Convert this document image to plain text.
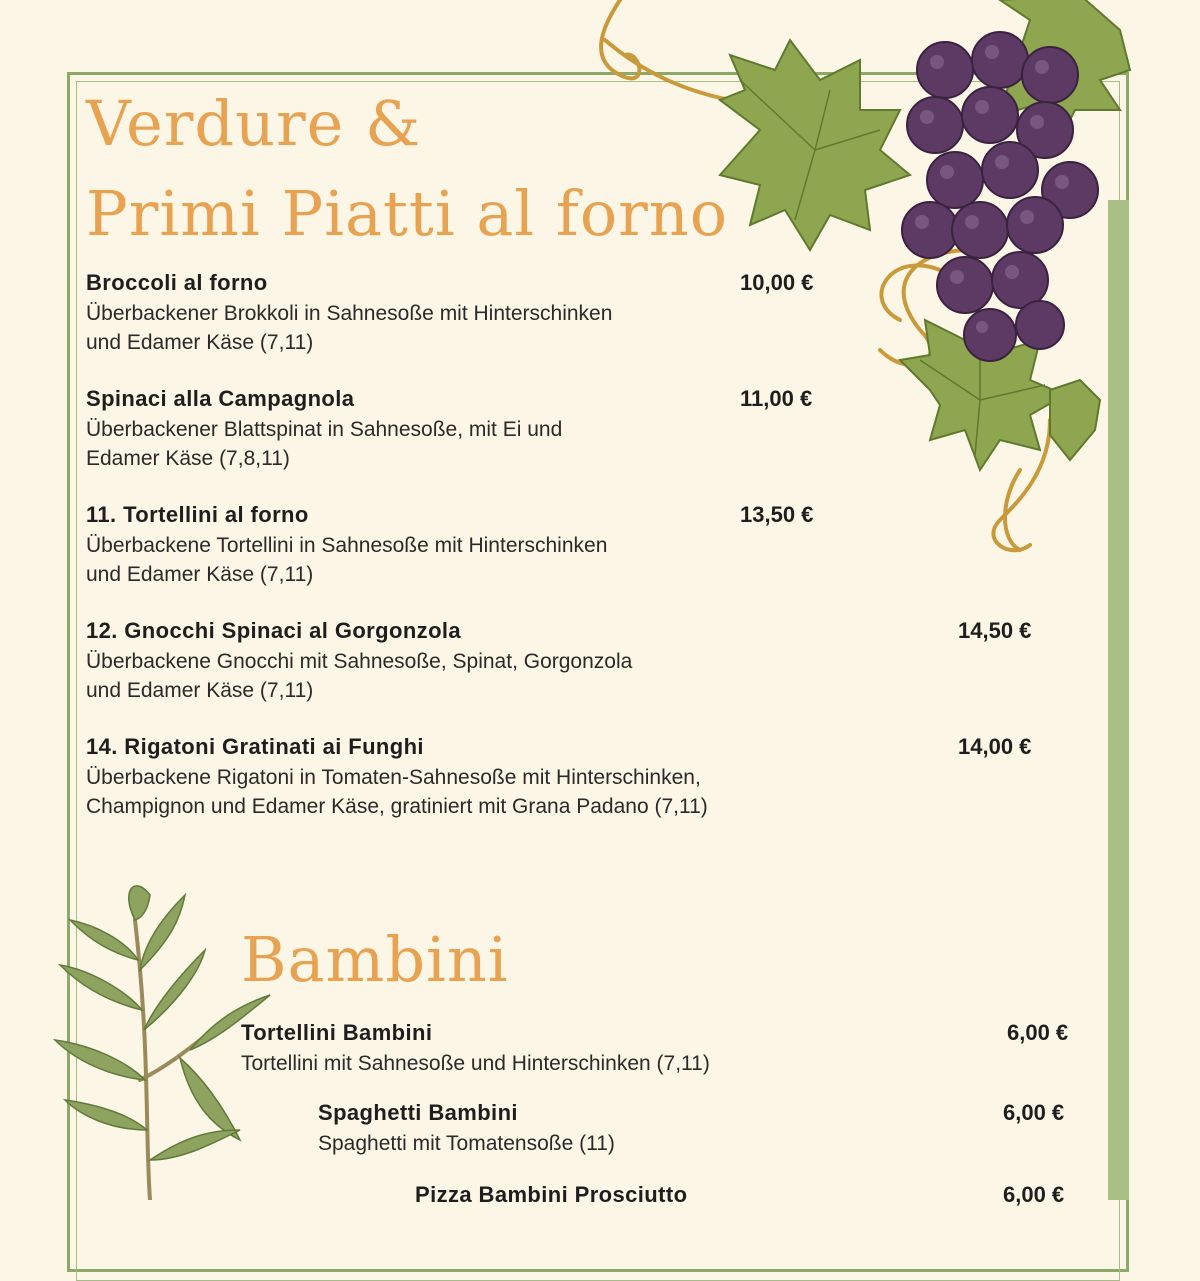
Verdure &
Primi Piatti al forno
Broccoli al forno	10,00 €
Überbackener Brokkoli in Sahnesoße mit Hinterschinken
und Edamer Käse (7,11)
Spinaci alla Campagnola	11,00 €
Überbackener Blattspinat in Sahnesoße, mit Ei und
Edamer Käse (7,8,11)
11. Tortellini al forno	13,50 €
Überbackene Tortellini in Sahnesoße mit Hinterschinken
und Edamer Käse (7,11)
12. Gnocchi Spinaci al Gorgonzola	14,50 €
Überbackene Gnocchi mit Sahnesoße, Spinat, Gorgonzola
und Edamer Käse (7,11)
14. Rigatoni Gratinati ai Funghi	14,00 €
Überbackene Rigatoni in Tomaten-Sahnesoße mit Hinterschinken,
Champignon und Edamer Käse, gratiniert mit Grana Padano (7,11)
Bambini
Tortellini Bambini	6,00 €
Tortellini mit Sahnesoße und Hinterschinken (7,11)
Spaghetti Bambini	6,00 €
Spaghetti mit Tomatensoße (11)
Pizza Bambini Prosciutto	6,00 €
